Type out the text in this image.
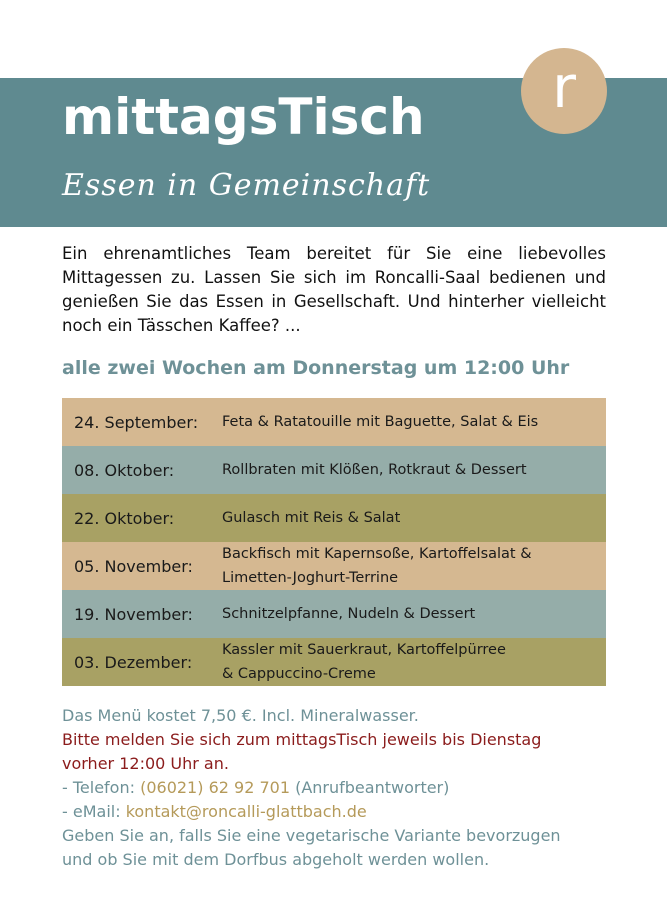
mittagsTisch
Essen in Gemeinschaft
r
Ein ehrenamtliches Team bereitet für Sie eine liebevolles Mittagessen zu. Lassen Sie sich im Roncalli-Saal bedienen und genießen Sie das Essen in Gesellschaft. Und hinterher vielleicht noch ein Tässchen Kaffee? ...
alle zwei Wochen am Donnerstag um 12:00 Uhr
24. September: Feta & Ratatouille mit Baguette, Salat & Eis
08. Oktober:	Rollbraten mit Klößen, Rotkraut & Dessert
22. Oktober:	Gulasch mit Reis & Salat
05. November:
Backfisch mit Kapernsoße, Kartoffelsalat &
Limetten-Joghurt-Terrine
19. November: Schnitzelpfanne, Nudeln & Dessert
03. Dezember:
Kassler mit Sauerkraut, Kartoffelpürree
& Cappuccino-Creme
Das Menü kostet 7,50 €. Incl. Mineralwasser.
Bitte melden Sie sich zum mittagsTisch jeweils bis Dienstag
vorher 12:00 Uhr an.
- Telefon: (06021) 62 92 701 (Anrufbeantworter)
- eMail: kontakt@roncalli-glattbach.de
Geben Sie an, falls Sie eine vegetarische Variante bevorzugen
und ob Sie mit dem Dorfbus abgeholt werden wollen.
